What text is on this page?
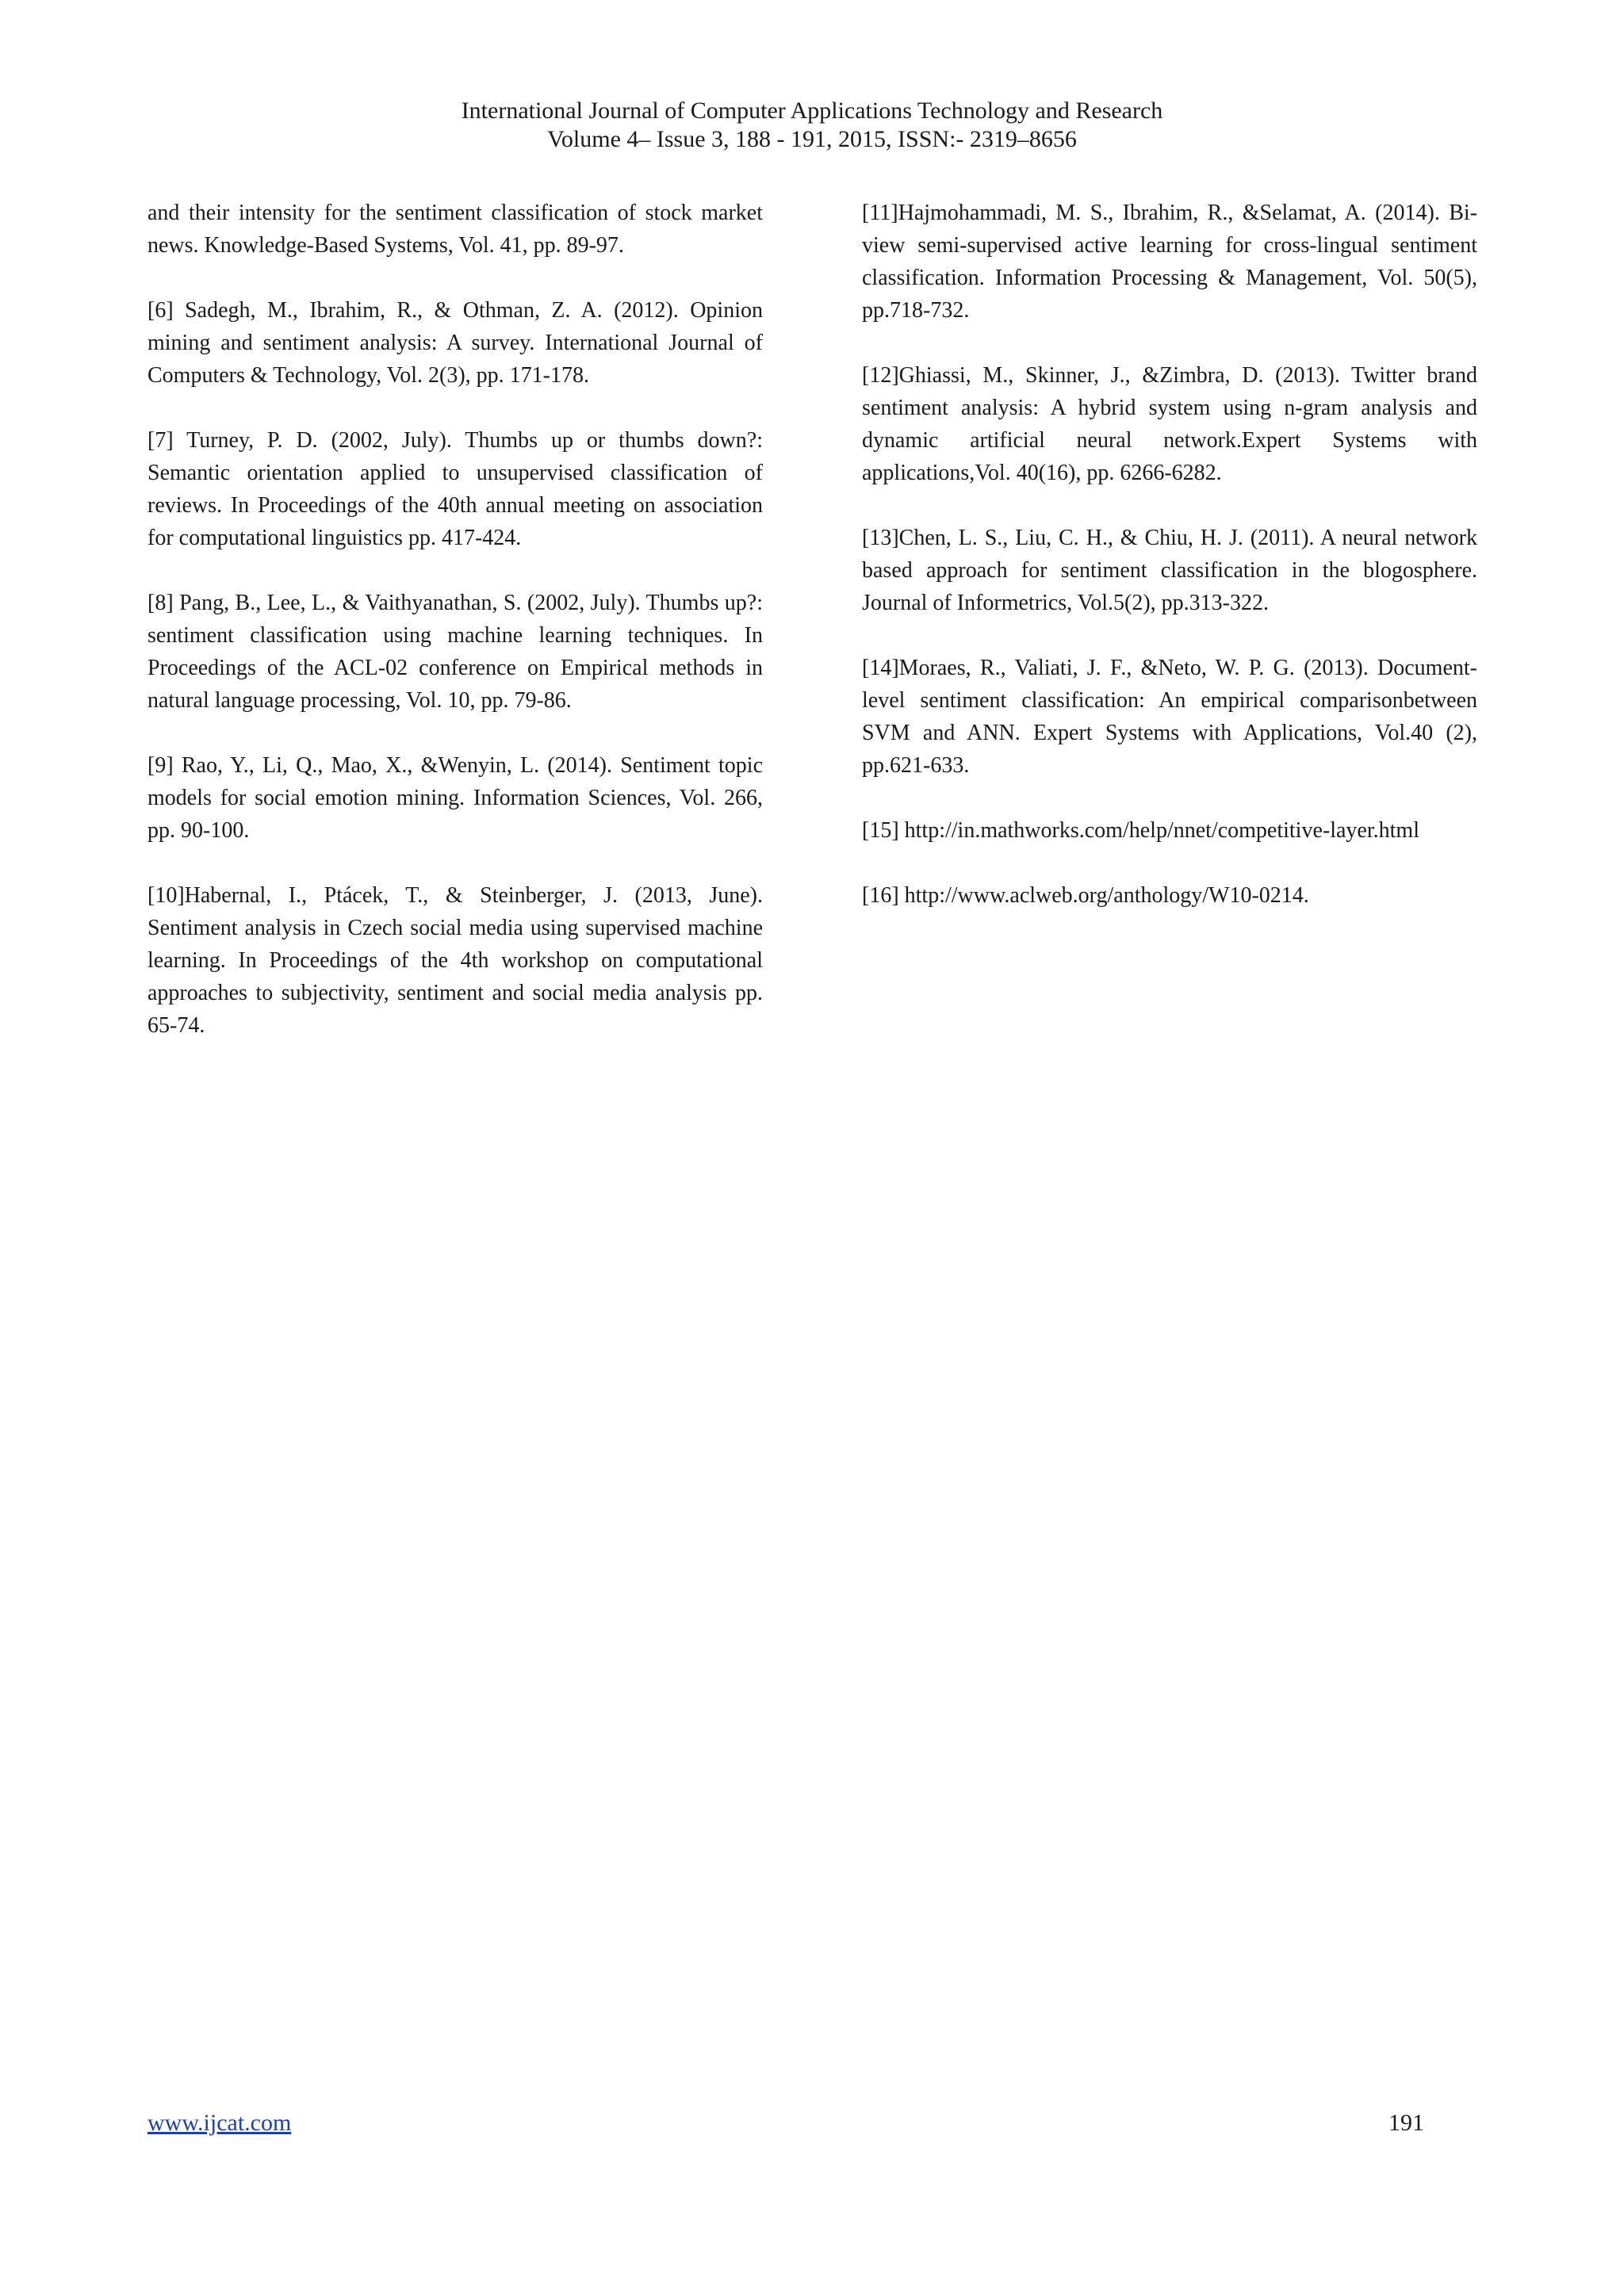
International Journal of Computer Applications Technology and Research
Volume 4– Issue 3, 188 - 191, 2015, ISSN:- 2319–8656

and their intensity for the sentiment classification of stock market news. Knowledge-Based Systems, Vol. 41, pp. 89-97.

[6] Sadegh, M., Ibrahim, R., & Othman, Z. A. (2012). Opinion mining and sentiment analysis: A survey. International Journal of Computers & Technology, Vol. 2(3), pp. 171-178.

[7] Turney, P. D. (2002, July). Thumbs up or thumbs down?: Semantic orientation applied to unsupervised classification of reviews. In Proceedings of the 40th annual meeting on association for computational linguistics pp. 417-424.

[8] Pang, B., Lee, L., & Vaithyanathan, S. (2002, July). Thumbs up?: sentiment classification using machine learning techniques. In Proceedings of the ACL-02 conference on Empirical methods in natural language processing, Vol. 10, pp. 79-86.

[9] Rao, Y., Li, Q., Mao, X., &Wenyin, L. (2014). Sentiment topic models for social emotion mining. Information Sciences, Vol. 266, pp. 90-100.

[10]Habernal, I., Ptácek, T., & Steinberger, J. (2013, June). Sentiment analysis in Czech social media using supervised machine learning. In Proceedings of the 4th workshop on computational approaches to subjectivity, sentiment and social media analysis pp. 65-74.

[11]Hajmohammadi, M. S., Ibrahim, R., &Selamat, A. (2014). Bi-view semi-supervised active learning for cross-lingual sentiment classification. Information Processing & Management, Vol. 50(5), pp.718-732.

[12]Ghiassi, M., Skinner, J., &Zimbra, D. (2013). Twitter brand sentiment analysis: A hybrid system using n-gram analysis and dynamic artificial neural network.Expert Systems with applications,Vol. 40(16), pp. 6266-6282.

[13]Chen, L. S., Liu, C. H., & Chiu, H. J. (2011). A neural network based approach for sentiment classification in the blogosphere. Journal of Informetrics, Vol.5(2), pp.313-322.

[14]Moraes, R., Valiati, J. F., &Neto, W. P. G. (2013). Document-level sentiment classification: An empirical comparisonbetween SVM and ANN. Expert Systems with Applications, Vol.40 (2), pp.621-633.

[15] http://in.mathworks.com/help/nnet/competitive-layer.html

[16] http://www.aclweb.org/anthology/W10-0214.

www.ijcat.com	191
